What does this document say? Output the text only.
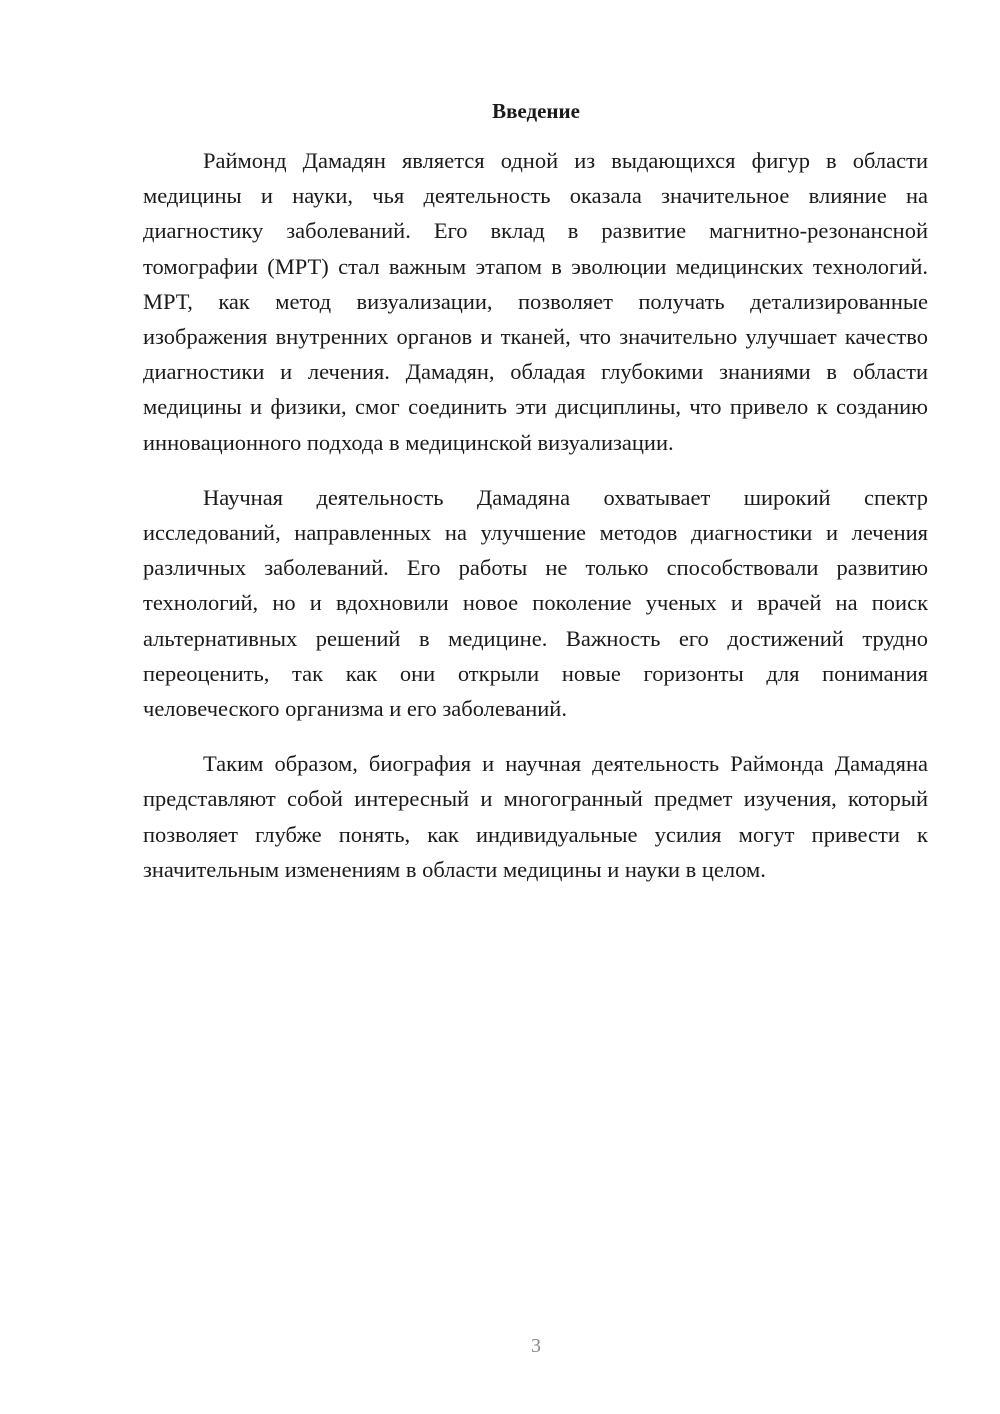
Введение

Раймонд Дамадян является одной из выдающихся фигур в области медицины и науки, чья деятельность оказала значительное влияние на диагностику заболеваний. Его вклад в развитие магнитно-резонансной томографии (МРТ) стал важным этапом в эволюции медицинских технологий. МРТ, как метод визуализации, позволяет получать детализированные изображения внутренних органов и тканей, что значительно улучшает качество диагностики и лечения. Дамадян, обладая глубокими знаниями в области медицины и физики, смог соединить эти дисциплины, что привело к созданию инновационного подхода в медицинской визуализации.

Научная деятельность Дамадяна охватывает широкий спектр исследований, направленных на улучшение методов диагностики и лечения различных заболеваний. Его работы не только способствовали развитию технологий, но и вдохновили новое поколение ученых и врачей на поиск альтернативных решений в медицине. Важность его достижений трудно переоценить, так как они открыли новые горизонты для понимания человеческого организма и его заболеваний.

Таким образом, биография и научная деятельность Раймонда Дамадяна представляют собой интересный и многогранный предмет изучения, который позволяет глубже понять, как индивидуальные усилия могут привести к значительным изменениям в области медицины и науки в целом.

3
